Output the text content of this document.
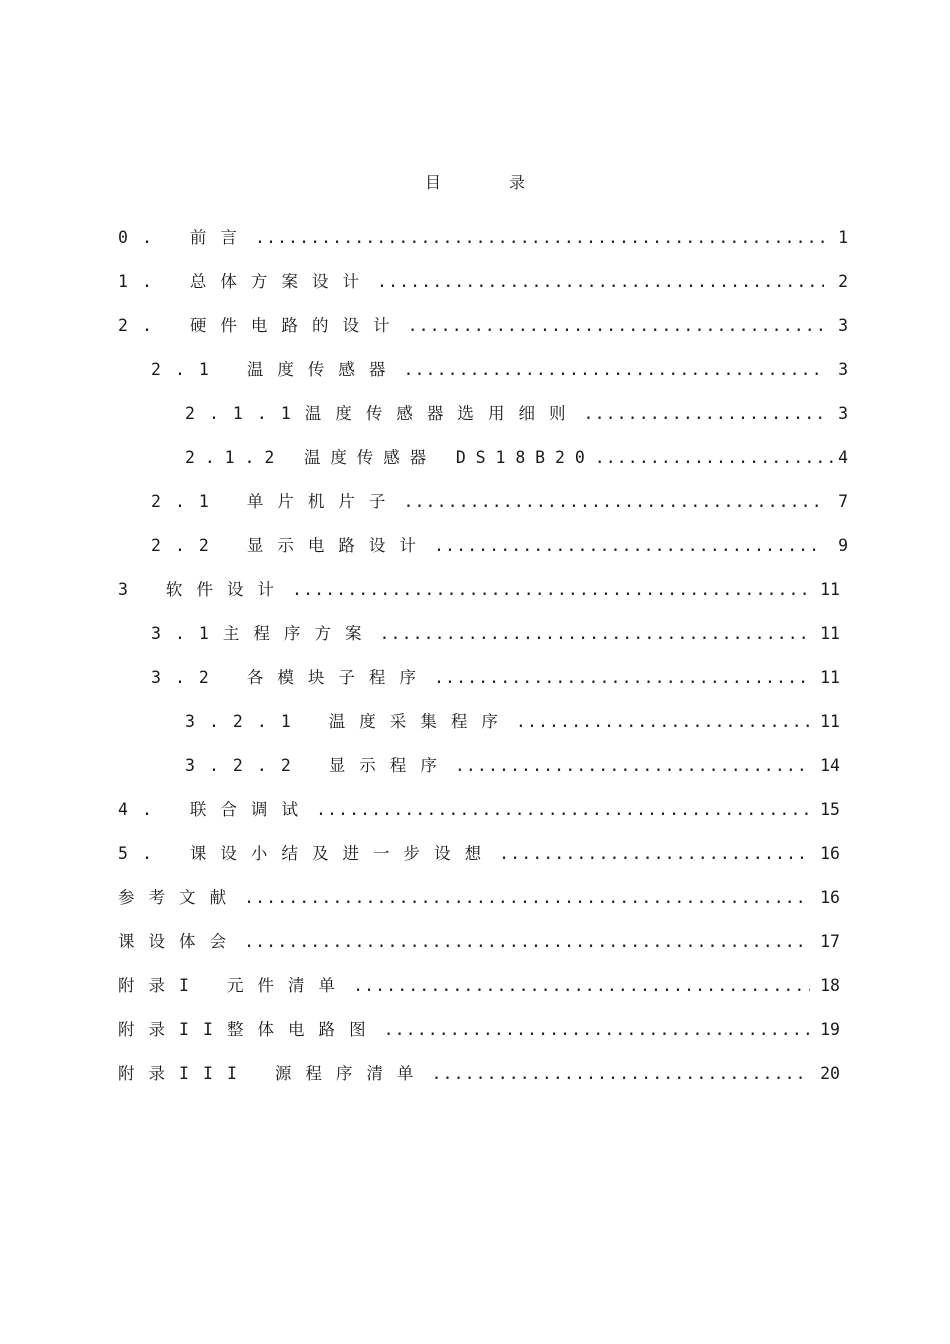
目	录
0. 前言 .....	1
1. 总体方案设计 .....	2
2. 硬件电路的设计 .....	3
2.1 温度传感器 .....	3
2.1.1温度传感器选用细则 .....	3
2.1.2 温度传感器 DS18B20 .....	4
2.1 单片机片子 .....	7
2.2 显示电路设计 .....	9
3 软件设计 .....	11
3.1主程序方案 .....	11
3.2 各模块子程序 .....	11
3.2.1 温度采集程序 .....	11
3.2.2 显示程序 .....	14
4. 联合调试 .....	15
5. 课设小结及进一步设想 .....	16
参考文献 .....	16
课设体会 .....	17
附录I 元件清单 .....	18
附录II整体电路图 .....	19
附录III 源程序清单 .....	20
